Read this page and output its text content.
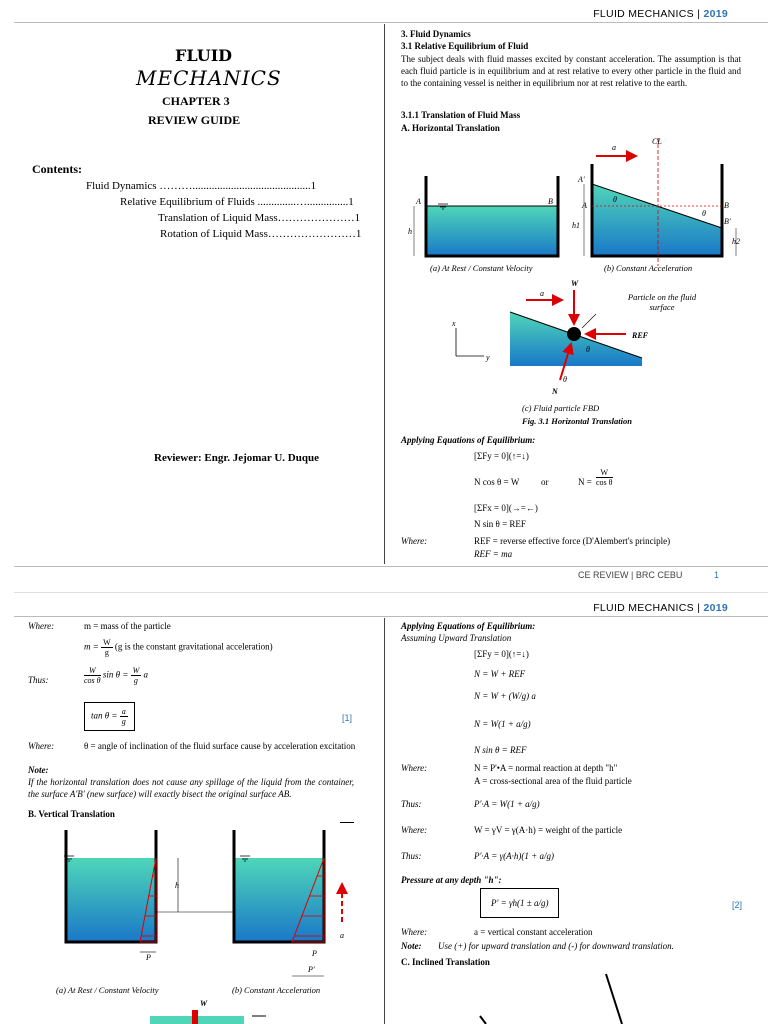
FLUID MECHANICS | 2019
FLUID
MECHANICS
CHAPTER 3
REVIEW GUIDE
Contents:
Fluid Dynamics ………...........................................1
Relative Equilibrium of Fluids ..............…...............1
Translation of Liquid Mass…………………1
Rotation of Liquid Mass……………………1
Reviewer: Engr. Jejomar U. Duque
3. Fluid Dynamics
3.1 Relative Equilibrium of Fluid
The subject deals with fluid masses excited by constant acceleration. The assumption is that each fluid particle is in equilibrium and at rest relative to every other particle in the fluid and to the containing vessel is neither in equilibrium nor at rest relative to the earth.
3.1.1 Translation of Fluid Mass
A. Horizontal Translation
A	B
h
a
CL
A'
A	B
B'
θ
θ
h1
h2
(a) At Rest / Constant Velocity	(b) Constant Acceleration
a
W
REF
N
θ
θ
x
y
Particle on the fluid surface
(c) Fluid particle FBD
Fig. 3.1 Horizontal Translation
Applying Equations of Equilibrium:
[ΣFy = 0](↑=↓)
N cos θ = W or	$N = \frac{W}{\text{cos θ}}$
[ΣFx = 0](→=←)
N sin θ = REF
Where:	REF = reverse effective force (D'Alembert's principle)
REF = ma
CE REVIEW | BRC CEBU	1
FLUID MECHANICS | 2019
Where:	m = mass of the particle
$m = \frac{W}{g} (g$ is the constant gravitational acceleration)
Thus:	$\frac{W}{\text{cos θ}}$ $\sin \theta = \frac{W}{g}$ a
$\tan \theta = \frac{a}{g}$	[1]
Where:	θ = angle of inclination of the fluid surface cause by acceleration excitation
Note:
If the horizontal translation does not cause any spillage of the liquid from the container, the surface A'B' (new surface) will exactly bisect the original surface AB.
B. Vertical Translation
h
P
a
P
P'
(a) At Rest / Constant Velocity	(b) Constant Acceleration
W
Applying Equations of Equilibrium:
Assuming Upward Translation
[ΣFy = 0](↑=↓)
N = W + REF
N = W + (W/g) a
N = W(1 + a/g)
N sin θ = REF
Where:	N = P'•A = normal reaction at depth "h"
A = cross-sectional area of the fluid particle
Thus:	P'·A = W(1 + a/g)
Where:	W = γV = γ(A·h) = weight of the particle
Thus:	P'·A = γ(A·h)(1 + a/g)
Pressure at any depth "h":
P' = γh(1 ± a/g)	[2]
Where:	a = vertical constant acceleration
Note: Use (+) for upward translation and (-) for downward translation.
C. Inclined Translation
